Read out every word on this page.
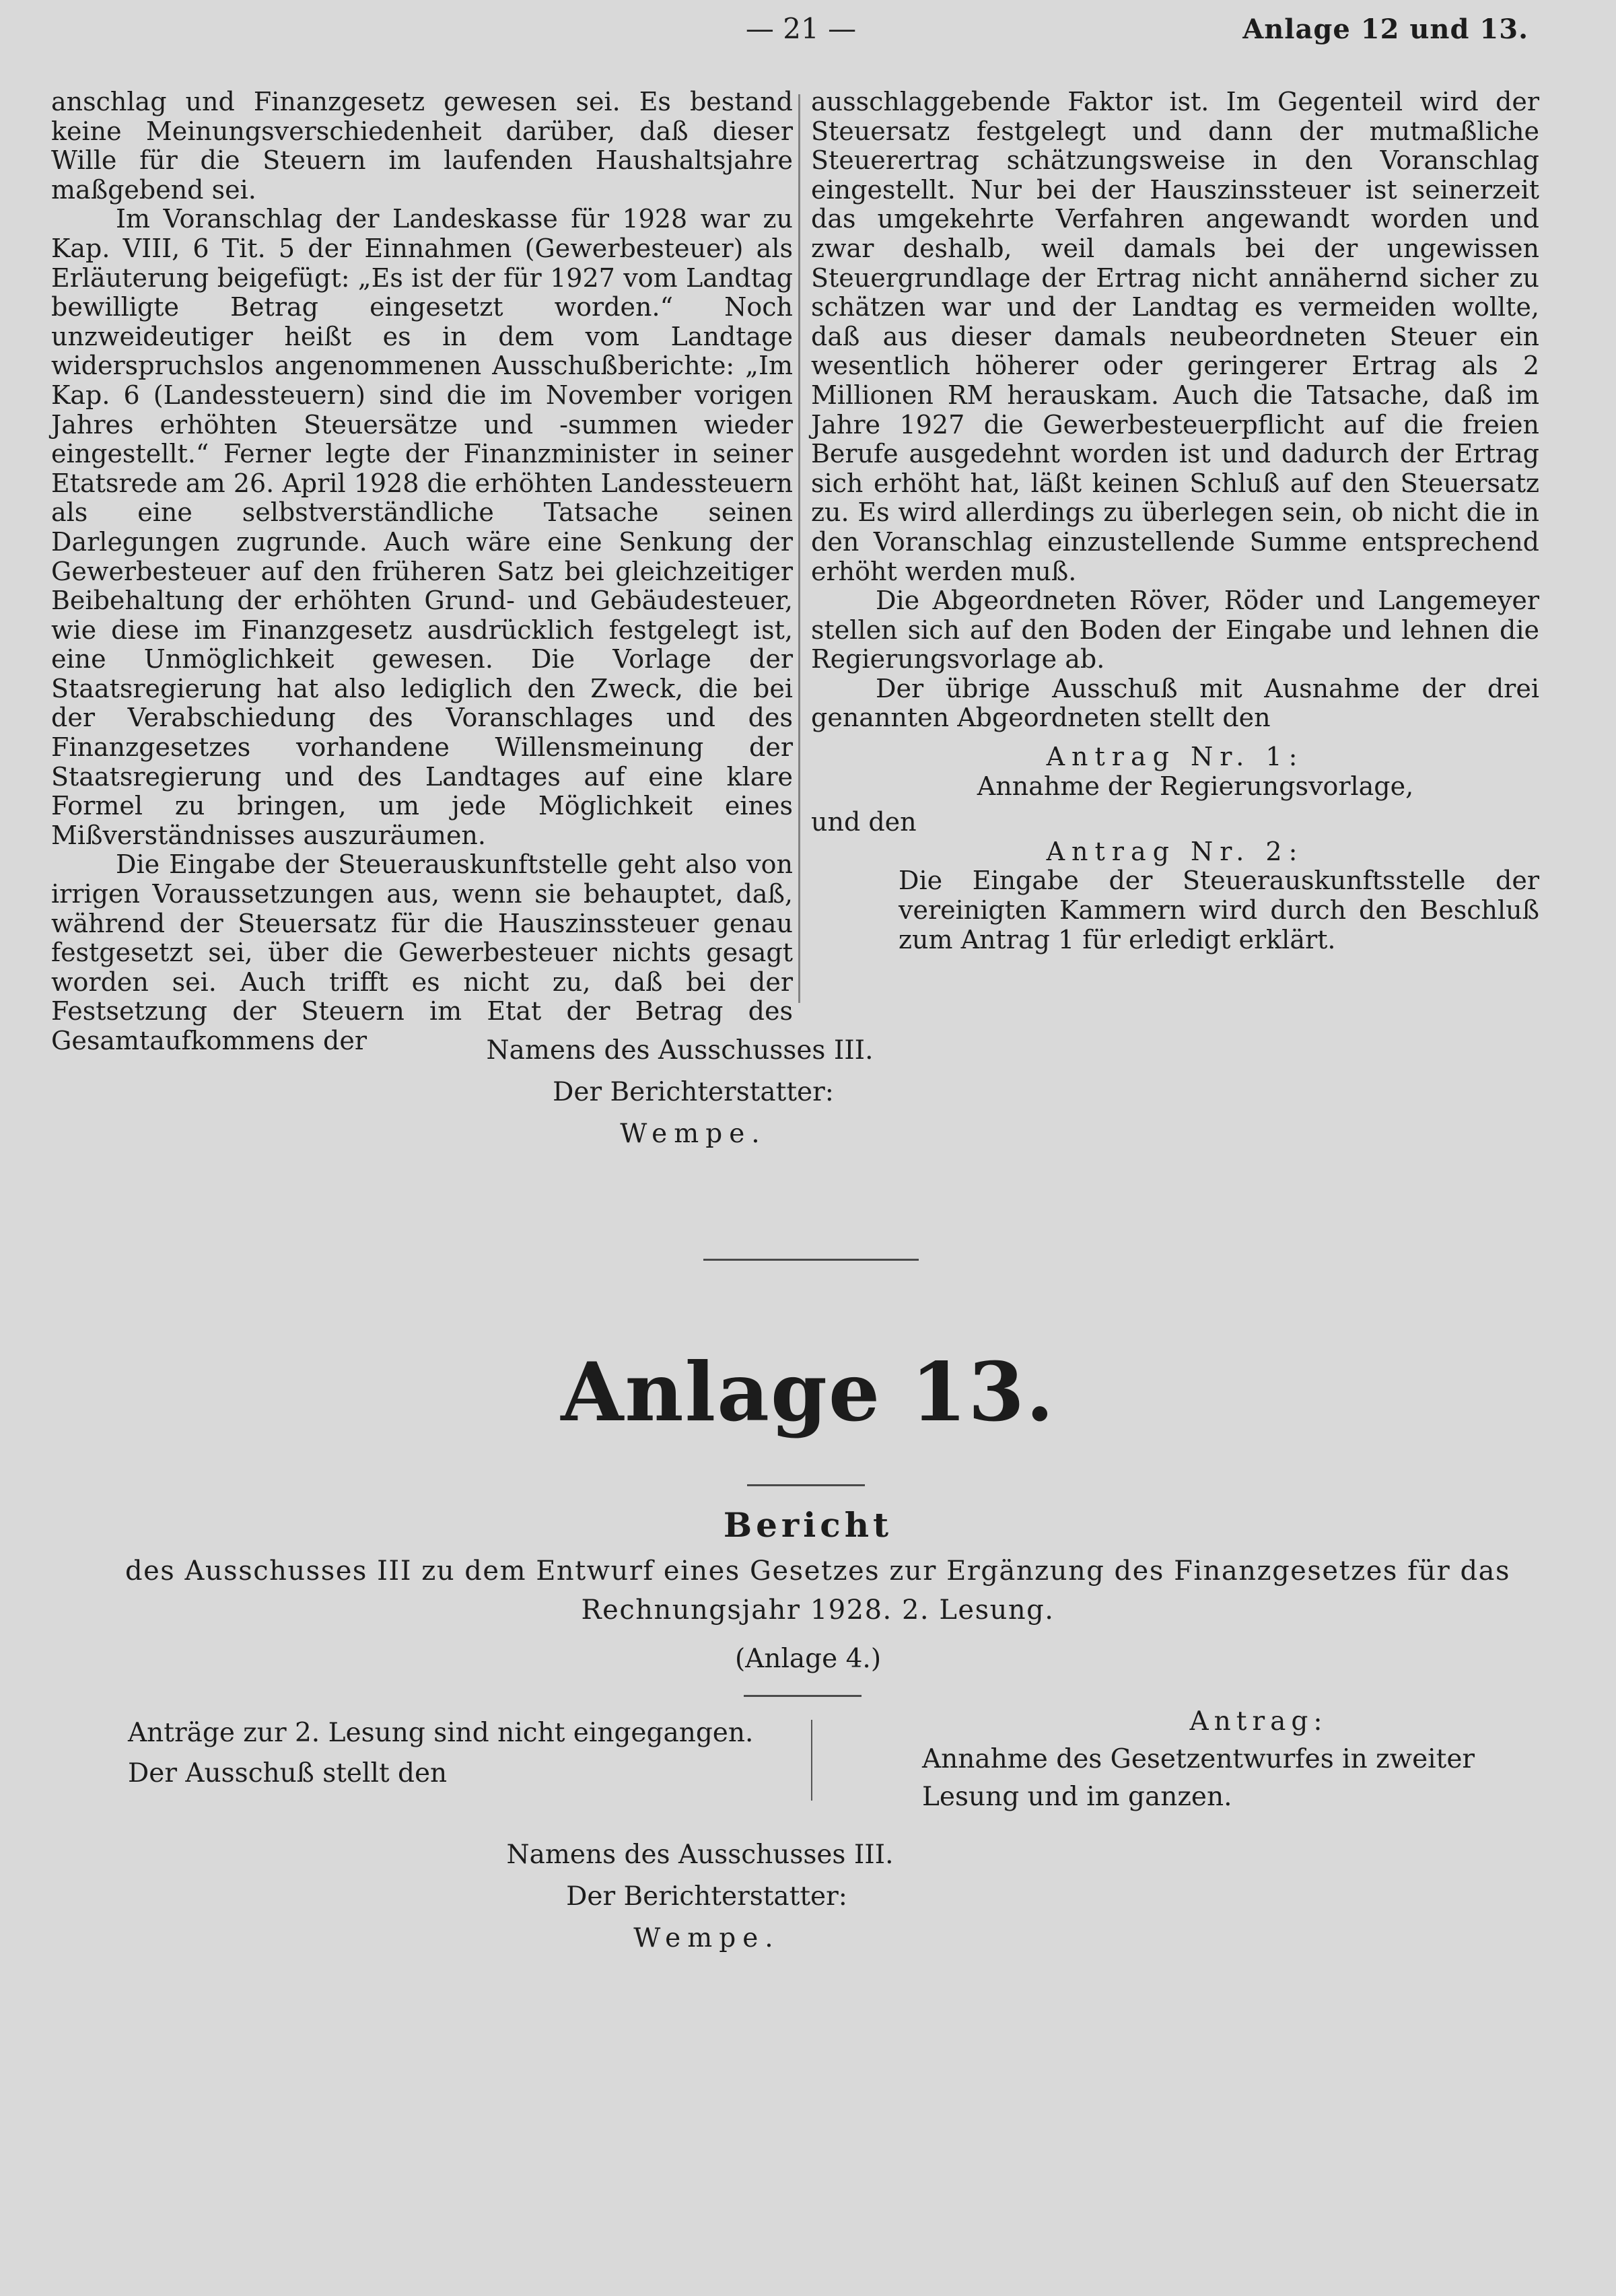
— 21 —	Anlage 12 und 13.

anschlag und Finanzgesetz gewesen sei. Es bestand keine Meinungsverschiedenheit darüber, daß dieser Wille für die Steuern im laufenden Haushaltsjahre maßgebend sei.

Im Voranschlag der Landeskasse für 1928 war zu Kap. VIII, 6 Tit. 5 der Einnahmen (Gewerbesteuer) als Erläuterung beigefügt: „Es ist der für 1927 vom Landtag bewilligte Betrag eingesetzt worden.“ Noch unzweideutiger heißt es in dem vom Landtage widerspruchslos angenommenen Ausschußberichte: „Im Kap. 6 (Landessteuern) sind die im November vorigen Jahres erhöhten Steuersätze und -summen wieder eingestellt.“ Ferner legte der Finanzminister in seiner Etatsrede am 26. April 1928 die erhöhten Landessteuern als eine selbstverständliche Tatsache seinen Darlegungen zugrunde. Auch wäre eine Senkung der Gewerbesteuer auf den früheren Satz bei gleichzeitiger Beibehaltung der erhöhten Grund- und Gebäudesteuer, wie diese im Finanzgesetz ausdrücklich festgelegt ist, eine Unmöglichkeit gewesen. Die Vorlage der Staatsregierung hat also lediglich den Zweck, die bei der Verabschiedung des Voranschlages und des Finanzgesetzes vorhandene Willensmeinung der Staatsregierung und des Landtages auf eine klare Formel zu bringen, um jede Möglichkeit eines Mißverständnisses auszuräumen.

Die Eingabe der Steuerauskunftstelle geht also von irrigen Voraussetzungen aus, wenn sie behauptet, daß, während der Steuersatz für die Hauszinssteuer genau festgesetzt sei, über die Gewerbesteuer nichts gesagt worden sei. Auch trifft es nicht zu, daß bei der Festsetzung der Steuern im Etat der Betrag des Gesamtaufkommens der

ausschlaggebende Faktor ist. Im Gegenteil wird der Steuersatz festgelegt und dann der mutmaßliche Steuerertrag schätzungsweise in den Voranschlag eingestellt. Nur bei der Hauszinssteuer ist seinerzeit das umgekehrte Verfahren angewandt worden und zwar deshalb, weil damals bei der ungewissen Steuergrundlage der Ertrag nicht annähernd sicher zu schätzen war und der Landtag es vermeiden wollte, daß aus dieser damals neubeordneten Steuer ein wesentlich höherer oder geringerer Ertrag als 2 Millionen RM herauskam. Auch die Tatsache, daß im Jahre 1927 die Gewerbesteuerpflicht auf die freien Berufe ausgedehnt worden ist und dadurch der Ertrag sich erhöht hat, läßt keinen Schluß auf den Steuersatz zu. Es wird allerdings zu überlegen sein, ob nicht die in den Voranschlag einzustellende Summe entsprechend erhöht werden muß.

Die Abgeordneten Röver, Röder und Langemeyer stellen sich auf den Boden der Eingabe und lehnen die Regierungsvorlage ab.

Der übrige Ausschuß mit Ausnahme der drei genannten Abgeordneten stellt den

Antrag Nr. 1:

Annahme der Regierungsvorlage,

und den

Antrag Nr. 2:

Die Eingabe der Steuerauskunftsstelle der vereinigten Kammern wird durch den Beschluß zum Antrag 1 für erledigt erklärt.

Namens des Ausschusses III.
Der Berichterstatter:
Wempe.
Anlage 13.
Bericht
des Ausschusses III zu dem Entwurf eines Gesetzes zur Ergänzung des Finanzgesetzes für das Rechnungsjahr 1928. 2. Lesung.
(Anlage 4.)
Anträge zur 2. Lesung sind nicht eingegangen.
Der Ausschuß stellt den
Antrag:
Annahme des Gesetzentwurfes in zweiter Lesung und im ganzen.
Namens des Ausschusses III.
Der Berichterstatter:
Wempe.
